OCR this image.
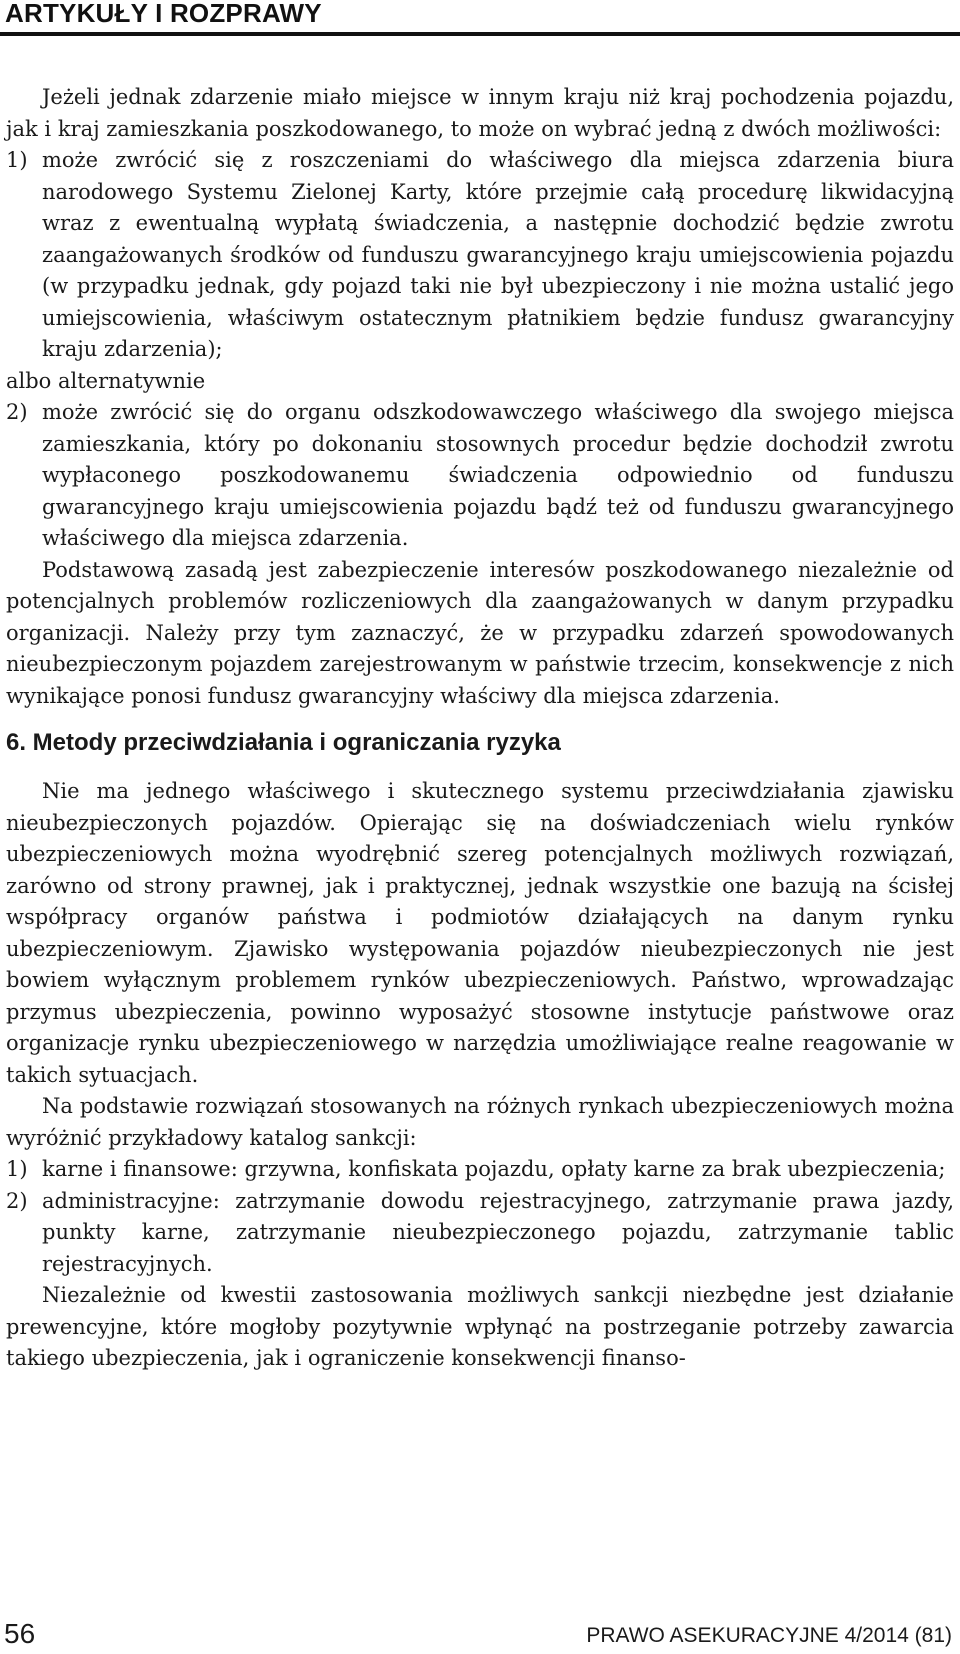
ARTYKUŁY I ROZPRAWY

Jeżeli jednak zdarzenie miało miejsce w innym kraju niż kraj pochodzenia pojazdu, jak i kraj zamieszkania poszkodowanego, to może on wybrać jedną z dwóch możliwości:

1) może zwrócić się z roszczeniami do właściwego dla miejsca zdarzenia biura narodowego Systemu Zielonej Karty, które przejmie całą procedurę likwidacyjną wraz z ewentualną wypłatą świadczenia, a następnie dochodzić będzie zwrotu zaangażowanych środków od funduszu gwarancyjnego kraju umiejscowienia pojazdu (w przypadku jednak, gdy pojazd taki nie był ubezpieczony i nie można ustalić jego umiejscowienia, właściwym ostatecznym płatnikiem będzie fundusz gwarancyjny kraju zdarzenia);

albo alternatywnie

2) może zwrócić się do organu odszkodowawczego właściwego dla swojego miejsca zamieszkania, który po dokonaniu stosownych procedur będzie dochodził zwrotu wypłaconego poszkodowanemu świadczenia odpowiednio od funduszu gwarancyjnego kraju umiejscowienia pojazdu bądź też od funduszu gwarancyjnego właściwego dla miejsca zdarzenia.

Podstawową zasadą jest zabezpieczenie interesów poszkodowanego niezależnie od potencjalnych problemów rozliczeniowych dla zaangażowanych w danym przypadku organizacji. Należy przy tym zaznaczyć, że w przypadku zdarzeń spowodowanych nieubezpieczonym pojazdem zarejestrowanym w państwie trzecim, konsekwencje z nich wynikające ponosi fundusz gwarancyjny właściwy dla miejsca zdarzenia.

6. Metody przeciwdziałania i ograniczania ryzyka

Nie ma jednego właściwego i skutecznego systemu przeciwdziałania zjawisku nieubezpieczonych pojazdów. Opierając się na doświadczeniach wielu rynków ubezpieczeniowych można wyodrębnić szereg potencjalnych możliwych rozwiązań, zarówno od strony prawnej, jak i praktycznej, jednak wszystkie one bazują na ścisłej współpracy organów państwa i podmiotów działających na danym rynku ubezpieczeniowym. Zjawisko występowania pojazdów nieubezpieczonych nie jest bowiem wyłącznym problemem rynków ubezpieczeniowych. Państwo, wprowadzając przymus ubezpieczenia, powinno wyposażyć stosowne instytucje państwowe oraz organizacje rynku ubezpieczeniowego w narzędzia umożliwiające realne reagowanie w takich sytuacjach.

Na podstawie rozwiązań stosowanych na różnych rynkach ubezpieczeniowych można wyróżnić przykładowy katalog sankcji:

1) karne i finansowe: grzywna, konfiskata pojazdu, opłaty karne za brak ubezpieczenia;
2) administracyjne: zatrzymanie dowodu rejestracyjnego, zatrzymanie prawa jazdy, punkty karne, zatrzymanie nieubezpieczonego pojazdu, zatrzymanie tablic rejestracyjnych.

Niezależnie od kwestii zastosowania możliwych sankcji niezbędne jest działanie prewencyjne, które mogłoby pozytywnie wpłynąć na postrzeganie potrzeby zawarcia takiego ubezpieczenia, jak i ograniczenie konsekwencji finanso-

56	PRAWO ASEKURACYJNE 4/2014 (81)
